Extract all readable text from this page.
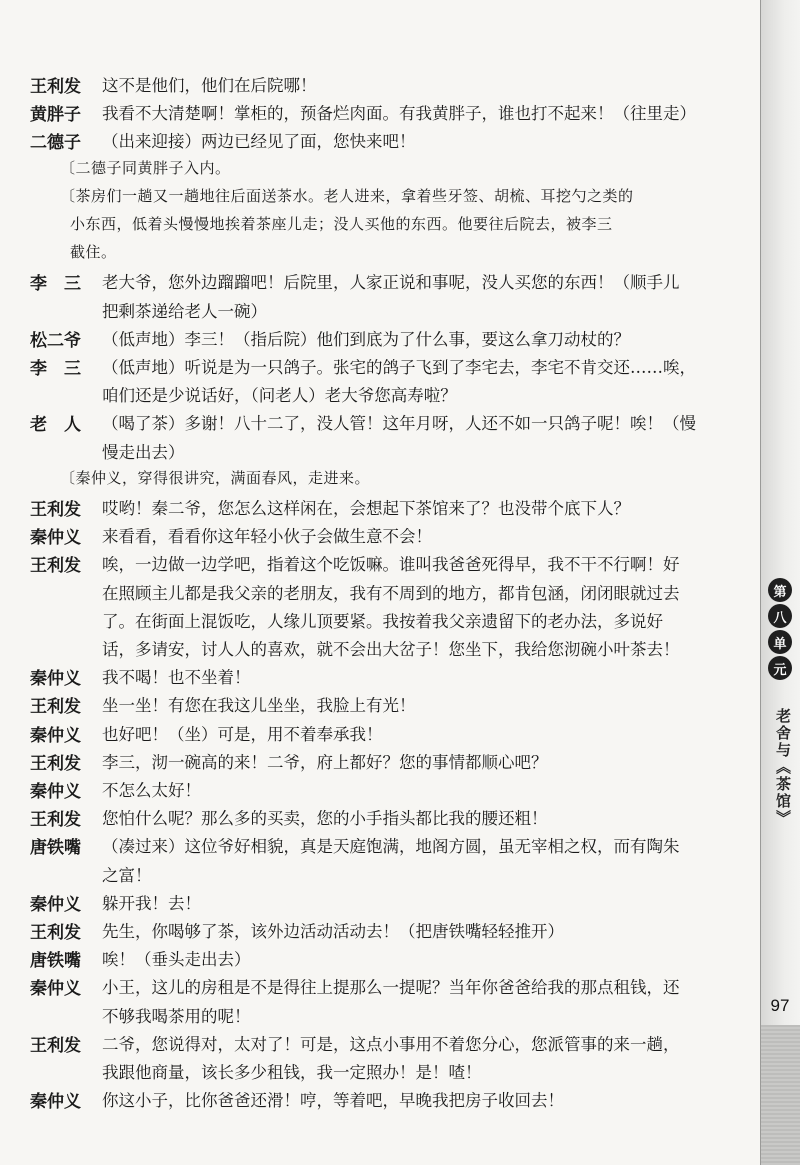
王利发	这不是他们，他们在后院哪！
黄胖子	我看不大清楚啊！掌柜的，预备烂肉面。有我黄胖子，谁也打不起来！（往里走）
二德子	（出来迎接）两边已经见了面，您快来吧！
〔二德子同黄胖子入内。
〔茶房们一趟又一趟地往后面送茶水。老人进来，拿着些牙签、胡梳、耳挖勺之类的
小东西，低着头慢慢地挨着茶座儿走；没人买他的东西。他要往后院去，被李三
截住。
李　三	老大爷，您外边蹓蹓吧！后院里，人家正说和事呢，没人买您的东西！（顺手儿
把剩茶递给老人一碗）
松二爷	（低声地）李三！（指后院）他们到底为了什么事，要这么拿刀动杖的？
李　三	（低声地）听说是为一只鸽子。张宅的鸽子飞到了李宅去，李宅不肯交还……唉，
咱们还是少说话好，（问老人）老大爷您高寿啦？
老　人	（喝了茶）多谢！八十二了，没人管！这年月呀，人还不如一只鸽子呢！唉！（慢
慢走出去）
〔秦仲义，穿得很讲究，满面春风，走进来。
王利发	哎哟！秦二爷，您怎么这样闲在，会想起下茶馆来了？也没带个底下人？
秦仲义	来看看，看看你这年轻小伙子会做生意不会！
王利发	唉，一边做一边学吧，指着这个吃饭嘛。谁叫我爸爸死得早，我不干不行啊！好
在照顾主儿都是我父亲的老朋友，我有不周到的地方，都肯包涵，闭闭眼就过去
了。在街面上混饭吃，人缘儿顶要紧。我按着我父亲遗留下的老办法，多说好
话，多请安，讨人人的喜欢，就不会出大岔子！您坐下，我给您沏碗小叶茶去！
秦仲义	我不喝！也不坐着！
王利发	坐一坐！有您在我这儿坐坐，我脸上有光！
秦仲义	也好吧！（坐）可是，用不着奉承我！
王利发	李三，沏一碗高的来！二爷，府上都好？您的事情都顺心吧？
秦仲义	不怎么太好！
王利发	您怕什么呢？那么多的买卖，您的小手指头都比我的腰还粗！
唐铁嘴	（凑过来）这位爷好相貌，真是天庭饱满，地阁方圆，虽无宰相之权，而有陶朱
之富！
秦仲义	躲开我！去！
王利发	先生，你喝够了茶，该外边活动活动去！（把唐铁嘴轻轻推开）
唐铁嘴	唉！（垂头走出去）
秦仲义	小王，这儿的房租是不是得往上提那么一提呢？当年你爸爸给我的那点租钱，还
不够我喝茶用的呢！
王利发	二爷，您说得对，太对了！可是，这点小事用不着您分心，您派管事的来一趟，
我跟他商量，该长多少租钱，我一定照办！是！喳！
秦仲义	你这小子，比你爸爸还滑！哼，等着吧，早晚我把房子收回去！
第
八
单
元
老舍与《茶馆》
97
